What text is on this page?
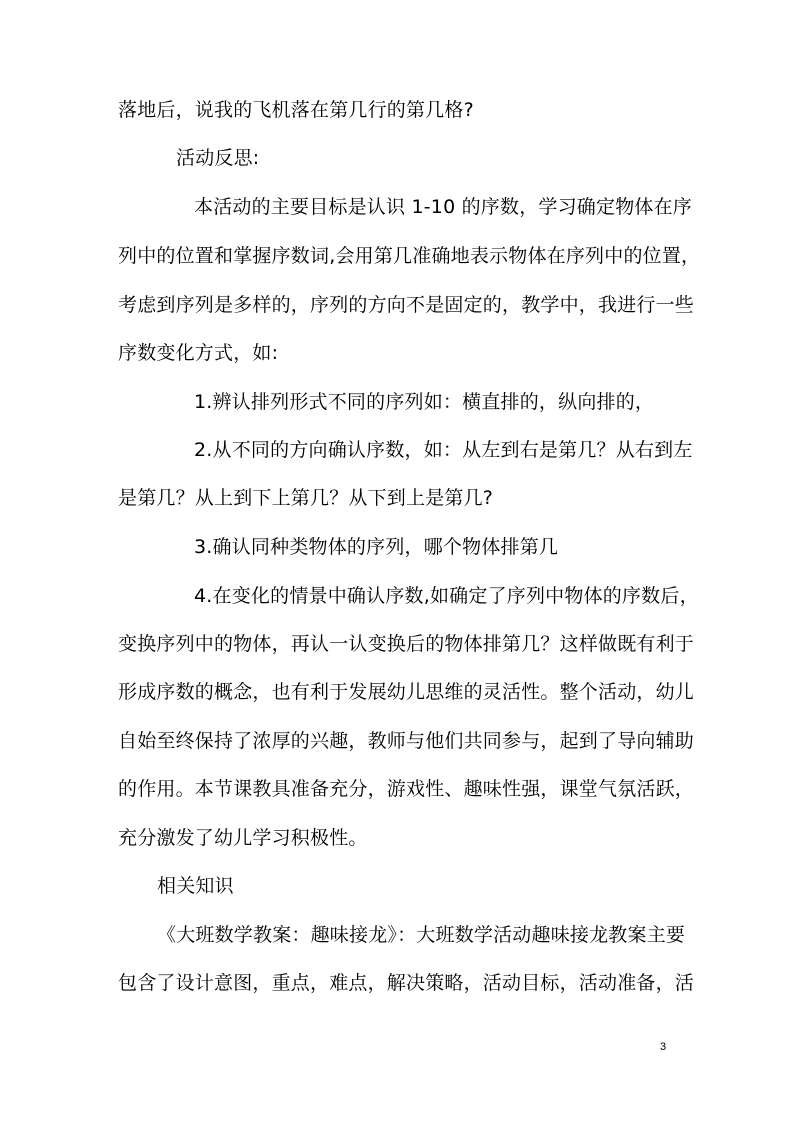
落地后，说我的飞机落在第几行的第几格?
活动反思:
本活动的主要目标是认识 1-10 的序数，学习确定物体在序
列中的位置和掌握序数词,会用第几准确地表示物体在序列中的位置，
考虑到序列是多样的，序列的方向不是固定的，教学中，我进行一些
序数变化方式，如:
1.辨认排列形式不同的序列如：横直排的，纵向排的，
2.从不同的方向确认序数，如：从左到右是第几？从右到左
是第几？从上到下上第几？从下到上是第几?
3.确认同种类物体的序列，哪个物体排第几
4.在变化的情景中确认序数,如确定了序列中物体的序数后，
变换序列中的物体，再认一认变换后的物体排第几？这样做既有利于
形成序数的概念，也有利于发展幼儿思维的灵活性。整个活动，幼儿
自始至终保持了浓厚的兴趣，教师与他们共同参与，起到了导向辅助
的作用。本节课教具准备充分，游戏性、趣味性强，课堂气氛活跃，
充分激发了幼儿学习积极性。
相关知识
《大班数学教案：趣味接龙》：大班数学活动趣味接龙教案主要
包含了设计意图，重点，难点，解决策略，活动目标，活动准备，活
3
